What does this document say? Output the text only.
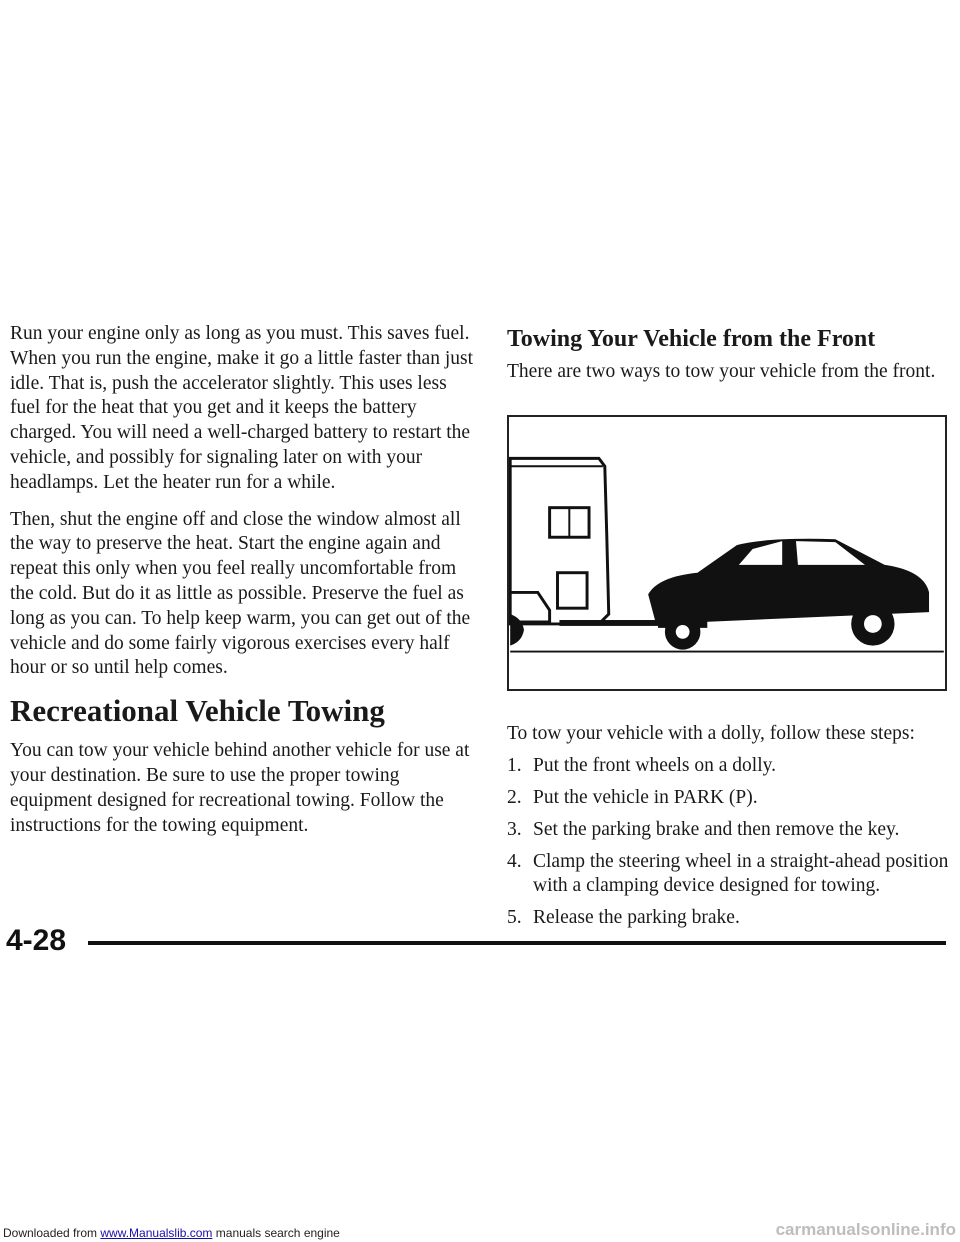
Run your engine only as long as you must. This saves fuel. When you run the engine, make it go a little faster than just idle. That is, push the accelerator slightly. This uses less fuel for the heat that you get and it keeps the battery charged. You will need a well-charged battery to restart the vehicle, and possibly for signaling later on with your headlamps. Let the heater run for a while.

Then, shut the engine off and close the window almost all the way to preserve the heat. Start the engine again and repeat this only when you feel really uncomfortable from the cold. But do it as little as possible. Preserve the fuel as long as you can. To help keep warm, you can get out of the vehicle and do some fairly vigorous exercises every half hour or so until help comes.

Recreational Vehicle Towing

You can tow your vehicle behind another vehicle for use at your destination. Be sure to use the proper towing equipment designed for recreational towing. Follow the instructions for the towing equipment.

Towing Your Vehicle from the Front

There are two ways to tow your vehicle from the front.

To tow your vehicle with a dolly, follow these steps:

1. Put the front wheels on a dolly.
2. Put the vehicle in PARK (P).
3. Set the parking brake and then remove the key.
4. Clamp the steering wheel in a straight-ahead position with a clamping device designed for towing.
5. Release the parking brake.
4-28
Downloaded from www.Manualslib.com manuals search engine	carmanualsonline.info
